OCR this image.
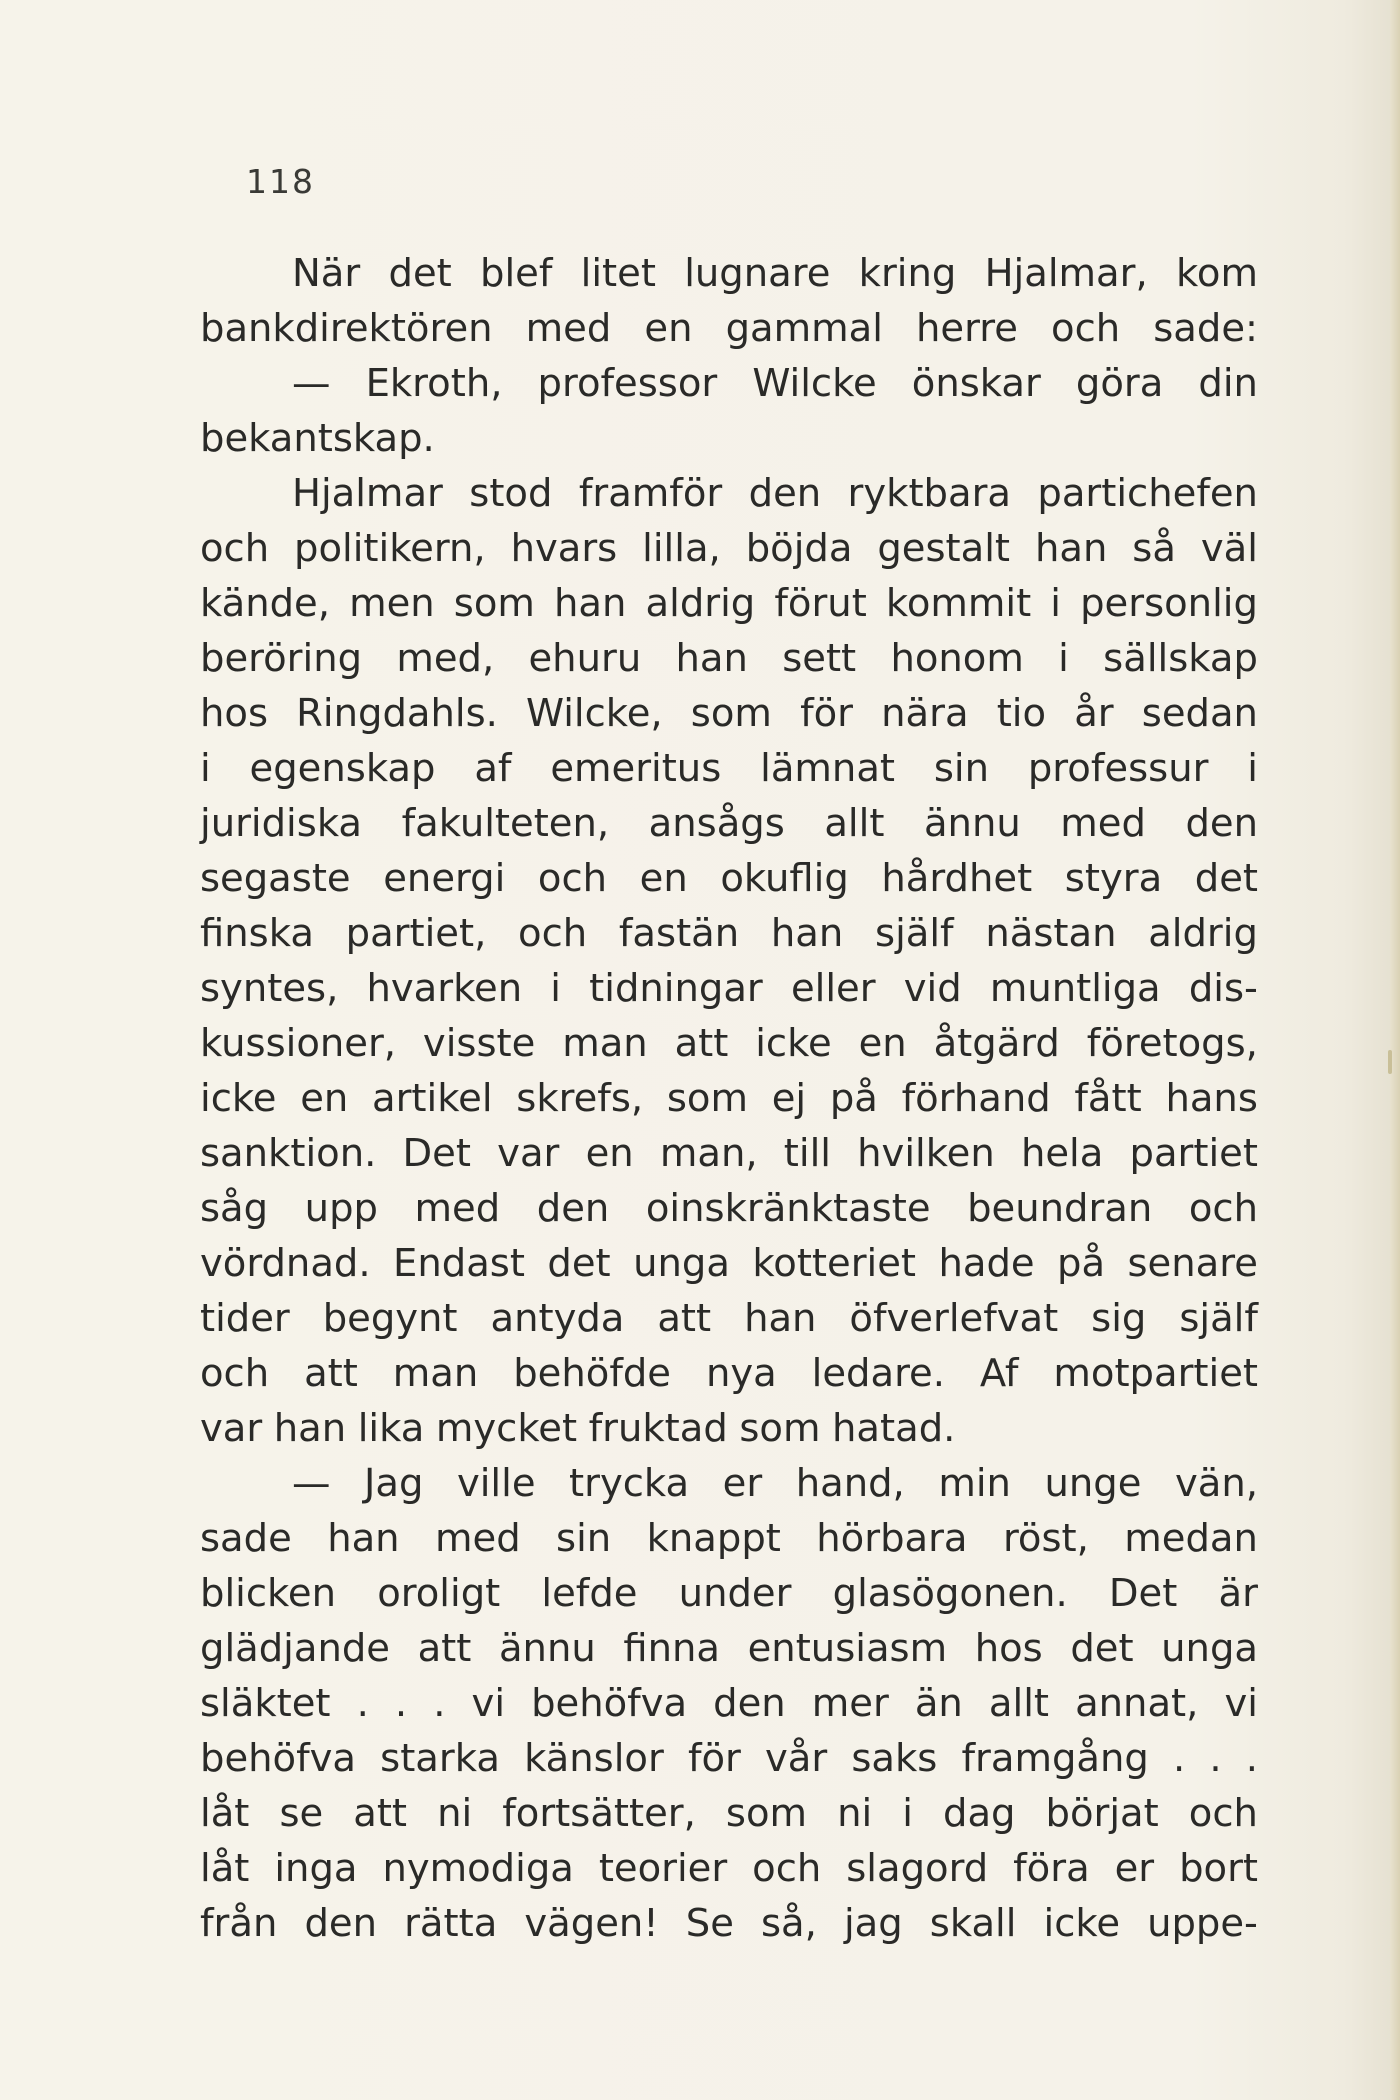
118
När det blef litet lugnare kring Hjalmar, kom
bankdirektören med en gammal herre och sade:
— Ekroth, professor Wilcke önskar göra din
bekantskap.
Hjalmar stod framför den ryktbara partichefen
och politikern, hvars lilla, böjda gestalt han så väl
kände, men som han aldrig förut kommit i personlig
beröring med, ehuru han sett honom i sällskap
hos Ringdahls. Wilcke, som för nära tio år sedan
i egenskap af emeritus lämnat sin professur i
juridiska fakulteten, ansågs allt ännu med den
segaste energi och en okuflig hårdhet styra det
finska partiet, och fastän han själf nästan aldrig
syntes, hvarken i tidningar eller vid muntliga dis-
kussioner, visste man att icke en åtgärd företogs,
icke en artikel skrefs, som ej på förhand fått hans
sanktion. Det var en man, till hvilken hela partiet
såg upp med den oinskränktaste beundran och
vördnad. Endast det unga kotteriet hade på senare
tider begynt antyda att han öfverlefvat sig själf
och att man behöfde nya ledare. Af motpartiet
var han lika mycket fruktad som hatad.
— Jag ville trycka er hand, min unge vän,
sade han med sin knappt hörbara röst, medan
blicken oroligt lefde under glasögonen. Det är
glädjande att ännu finna entusiasm hos det unga
släktet . . . vi behöfva den mer än allt annat, vi
behöfva starka känslor för vår saks framgång . . .
låt se att ni fortsätter, som ni i dag börjat och
låt inga nymodiga teorier och slagord föra er bort
från den rätta vägen! Se så, jag skall icke uppe-
